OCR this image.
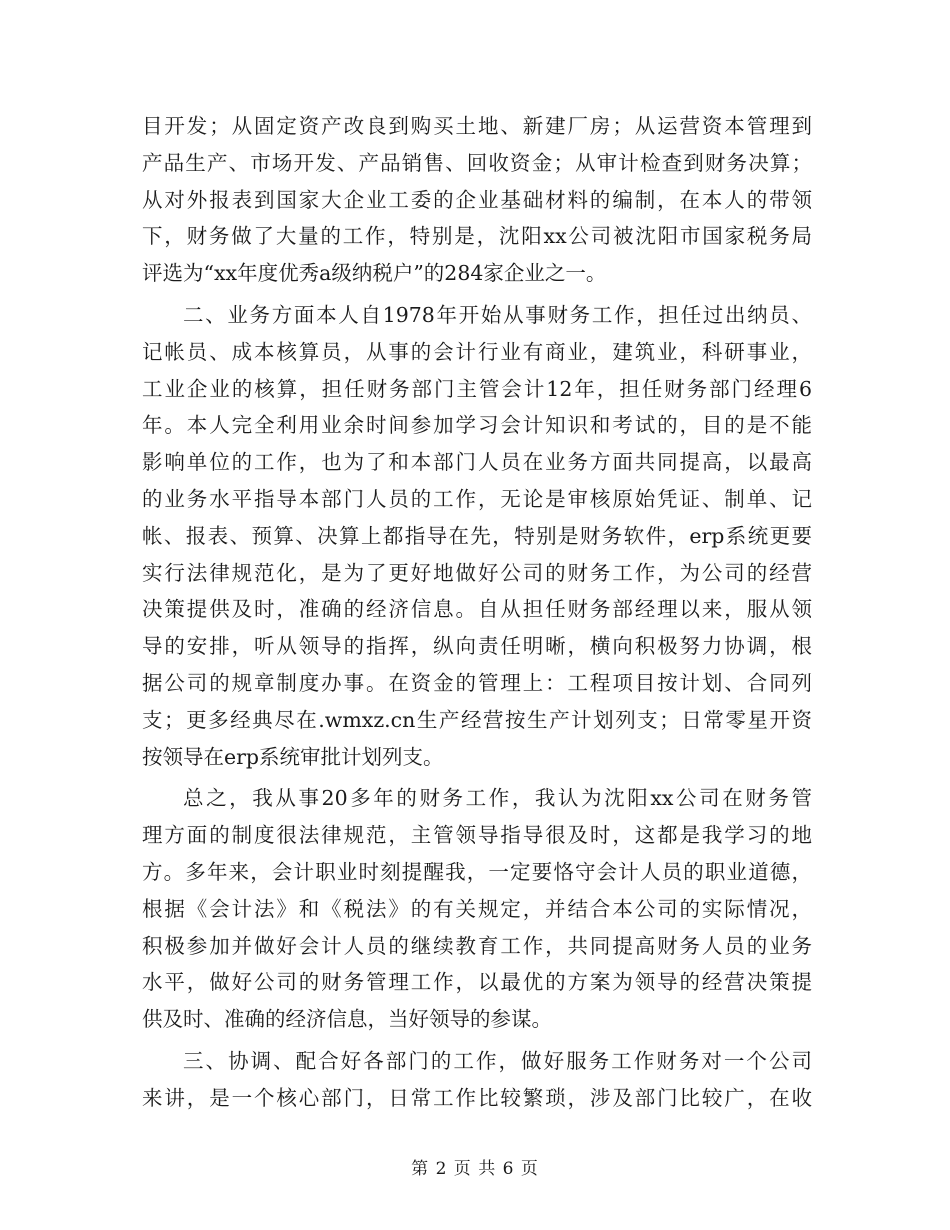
目开发；从固定资产改良到购买土地、新建厂房；从运营资本管理到
产品生产、市场开发、产品销售、回收资金；从审计检查到财务决算；
从对外报表到国家大企业工委的企业基础材料的编制，在本人的带领
下，财务做了大量的工作，特别是，沈阳xx公司被沈阳市国家税务局
评选为“xx年度优秀a级纳税户”的284家企业之一。
二、业务方面本人自1978年开始从事财务工作，担任过出纳员、
记帐员、成本核算员，从事的会计行业有商业，建筑业，科研事业，
工业企业的核算，担任财务部门主管会计12年，担任财务部门经理6
年。本人完全利用业余时间参加学习会计知识和考试的，目的是不能
影响单位的工作，也为了和本部门人员在业务方面共同提高，以最高
的业务水平指导本部门人员的工作，无论是审核原始凭证、制单、记
帐、报表、预算、决算上都指导在先，特别是财务软件，erp系统更要
实行法律规范化，是为了更好地做好公司的财务工作，为公司的经营
决策提供及时，准确的经济信息。自从担任财务部经理以来，服从领
导的安排，听从领导的指挥，纵向责任明晰，横向积极努力协调，根
据公司的规章制度办事。在资金的管理上：工程项目按计划、合同列
支；更多经典尽在.wmxz.cn生产经营按生产计划列支；日常零星开资
按领导在erp系统审批计划列支。
总之，我从事20多年的财务工作，我认为沈阳xx公司在财务管
理方面的制度很法律规范，主管领导指导很及时，这都是我学习的地
方。多年来，会计职业时刻提醒我，一定要恪守会计人员的职业道德，
根据《会计法》和《税法》的有关规定，并结合本公司的实际情况，
积极参加并做好会计人员的继续教育工作，共同提高财务人员的业务
水平，做好公司的财务管理工作，以最优的方案为领导的经营决策提
供及时、准确的经济信息，当好领导的参谋。
三、协调、配合好各部门的工作，做好服务工作财务对一个公司
来讲，是一个核心部门，日常工作比较繁琐，涉及部门比较广，在收
第 2 页 共 6 页
